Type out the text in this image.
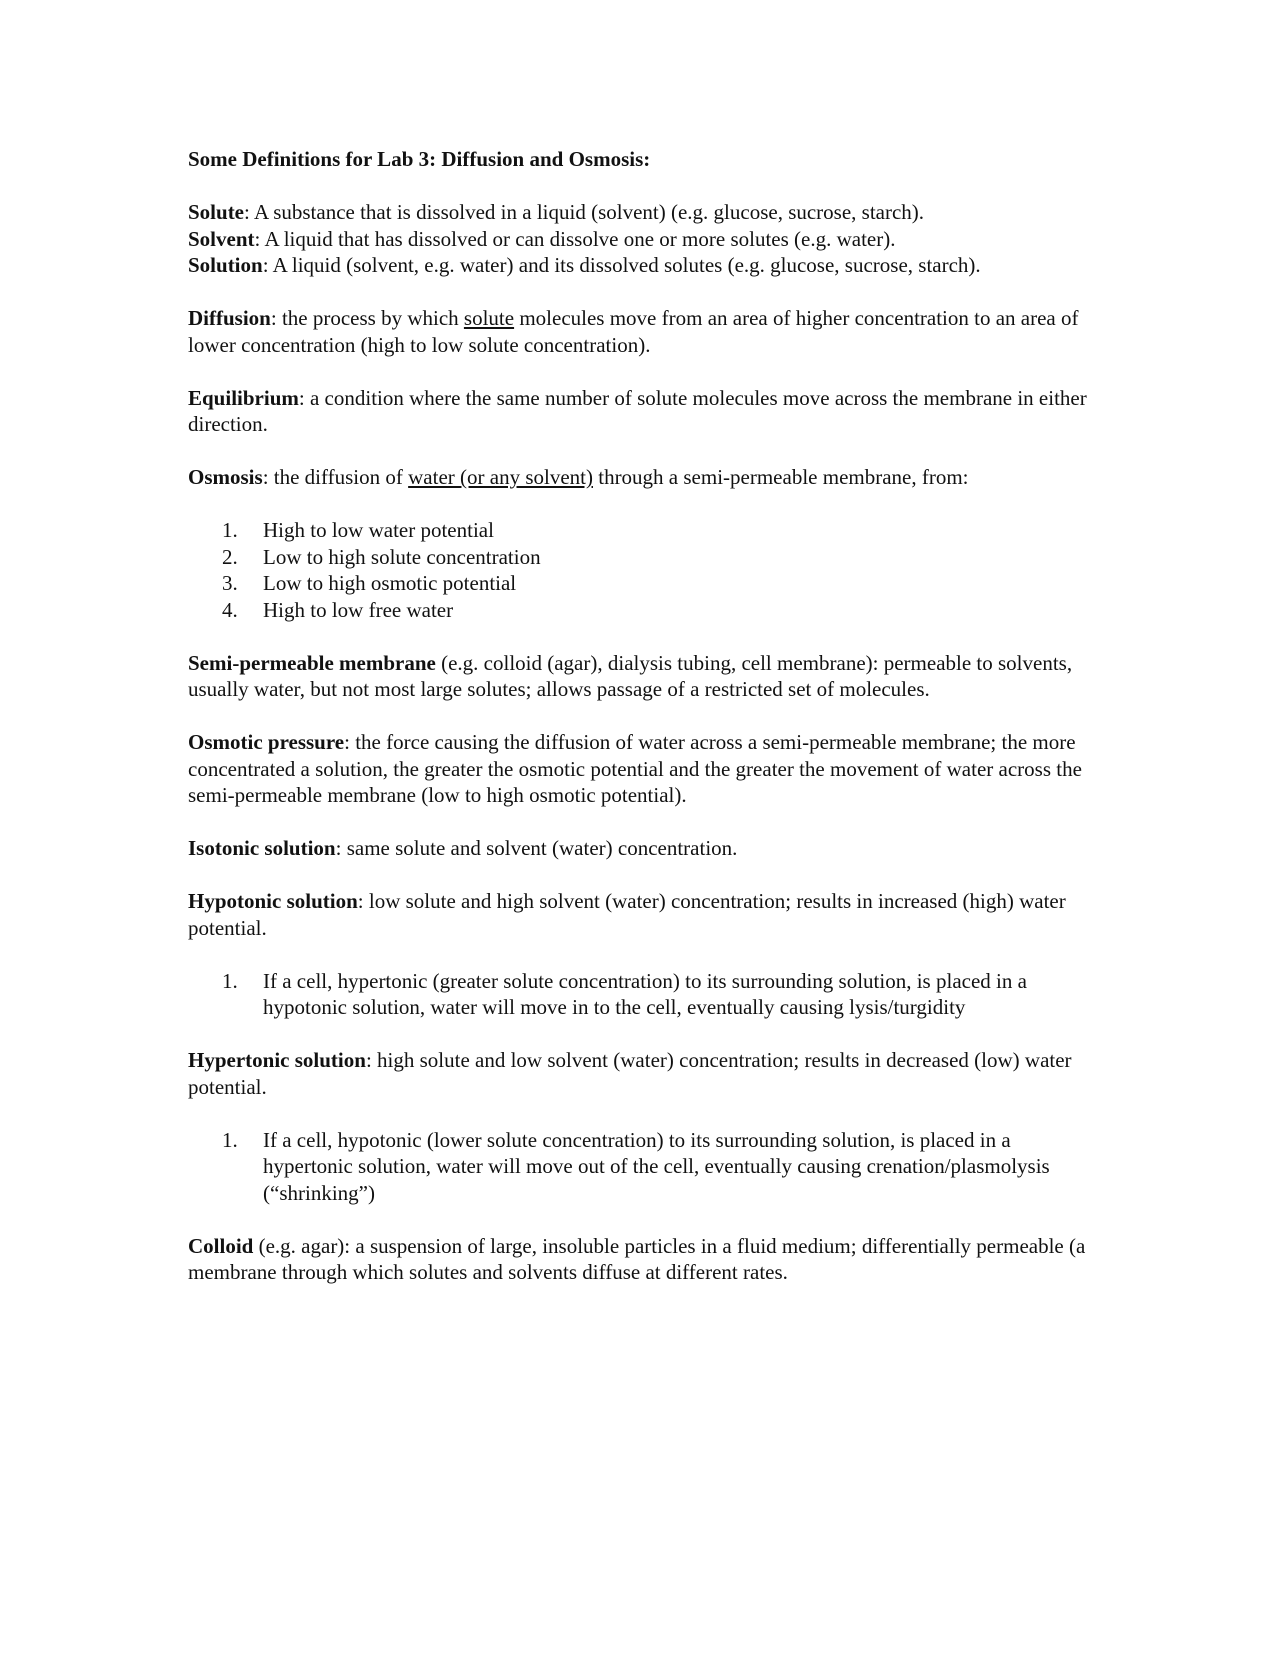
Some Definitions for Lab 3: Diffusion and Osmosis:

Solute: A substance that is dissolved in a liquid (solvent) (e.g. glucose, sucrose, starch).

Solvent: A liquid that has dissolved or can dissolve one or more solutes (e.g. water).

Solution: A liquid (solvent, e.g. water) and its dissolved solutes (e.g. glucose, sucrose, starch).

Diffusion: the process by which solute molecules move from an area of higher concentration to an area of lower concentration (high to low solute concentration).

Equilibrium: a condition where the same number of solute molecules move across the membrane in either direction.

Osmosis: the diffusion of water (or any solvent) through a semi-permeable membrane, from:

1. High to low water potential
2. Low to high solute concentration
3. Low to high osmotic potential
4. High to low free water

Semi-permeable membrane (e.g. colloid (agar), dialysis tubing, cell membrane): permeable to solvents, usually water, but not most large solutes; allows passage of a restricted set of molecules.

Osmotic pressure: the force causing the diffusion of water across a semi-permeable membrane; the more concentrated a solution, the greater the osmotic potential and the greater the movement of water across the semi-permeable membrane (low to high osmotic potential).

Isotonic solution: same solute and solvent (water) concentration.

Hypotonic solution: low solute and high solvent (water) concentration; results in increased (high) water potential.

1. If a cell, hypertonic (greater solute concentration) to its surrounding solution, is placed in a hypotonic solution, water will move in to the cell, eventually causing lysis/turgidity

Hypertonic solution: high solute and low solvent (water) concentration; results in decreased (low) water potential.

1. If a cell, hypotonic (lower solute concentration) to its surrounding solution, is placed in a hypertonic solution, water will move out of the cell, eventually causing crenation/plasmolysis (“shrinking”)

Colloid (e.g. agar): a suspension of large, insoluble particles in a fluid medium; differentially permeable (a membrane through which solutes and solvents diffuse at different rates.
